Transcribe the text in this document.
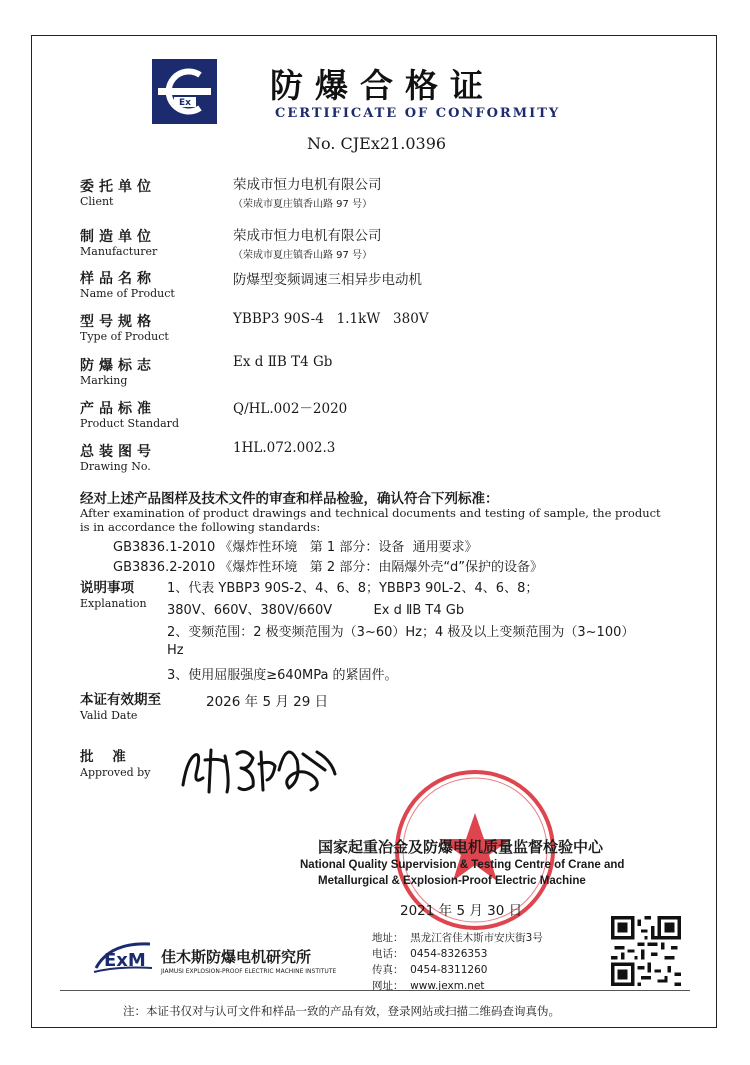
Ex 防爆合格证
CERTIFICATE OF CONFORMITY
No. CJEx21.0396
委托单位
Client
荣成市恒力电机有限公司
（荣成市夏庄镇香山路 97 号）
制造单位
Manufacturer
荣成市恒力电机有限公司
（荣成市夏庄镇香山路 97 号）
样品名称
Name of Product
防爆型变频调速三相异步电动机
型号规格
Type of Product
YBBP3 90S-4   1.1kW   380V
防爆标志
Marking
Ex d ⅡB T4 Gb
产品标准
Product Standard
Q/HL.002－2020
总装图号
Drawing No.
1HL.072.002.3
经对上述产品图样及技术文件的审查和样品检验，确认符合下列标准：
After examination of product drawings and technical documents and testing of sample, the product
is in accordance the following standards:
GB3836.1-2010 《爆炸性环境   第 1 部分：设备  通用要求》
GB3836.2-2010 《爆炸性环境   第 2 部分：由隔爆外壳“d”保护的设备》
说明事项
Explanation
1、代表 YBBP3 90S-2、4、6、8；YBBP3 90L-2、4、6、8；
380V、660V、380V/660V          Ex d ⅡB T4 Gb
2、变频范围：2 极变频范围为（3~60）Hz；4 极及以上变频范围为（3~100）
Hz
3、使用屈服强度≥640MPa 的紧固件。
本证有效期至
Valid Date
2026 年 5 月 29 日
批    准
Approved by
国家起重冶金及防爆电机质量监督检验中心
National Quality Supervision & Testing Centre of Crane and
Metallurgical & Explosion-Proof Electric Machine
2021 年 5 月 30 日
ExM 佳木斯防爆电机研究所
JIAMUSI EXPLOSION-PROOF ELECTRIC MACHINE INSTITUTE
地址：  黑龙江省佳木斯市安庆街3号
电话：  0454-8326353
传真：  0454-8311260
网址：  www.jexm.net
注：本证书仅对与认可文件和样品一致的产品有效，登录网站或扫描二维码查询真伪。
